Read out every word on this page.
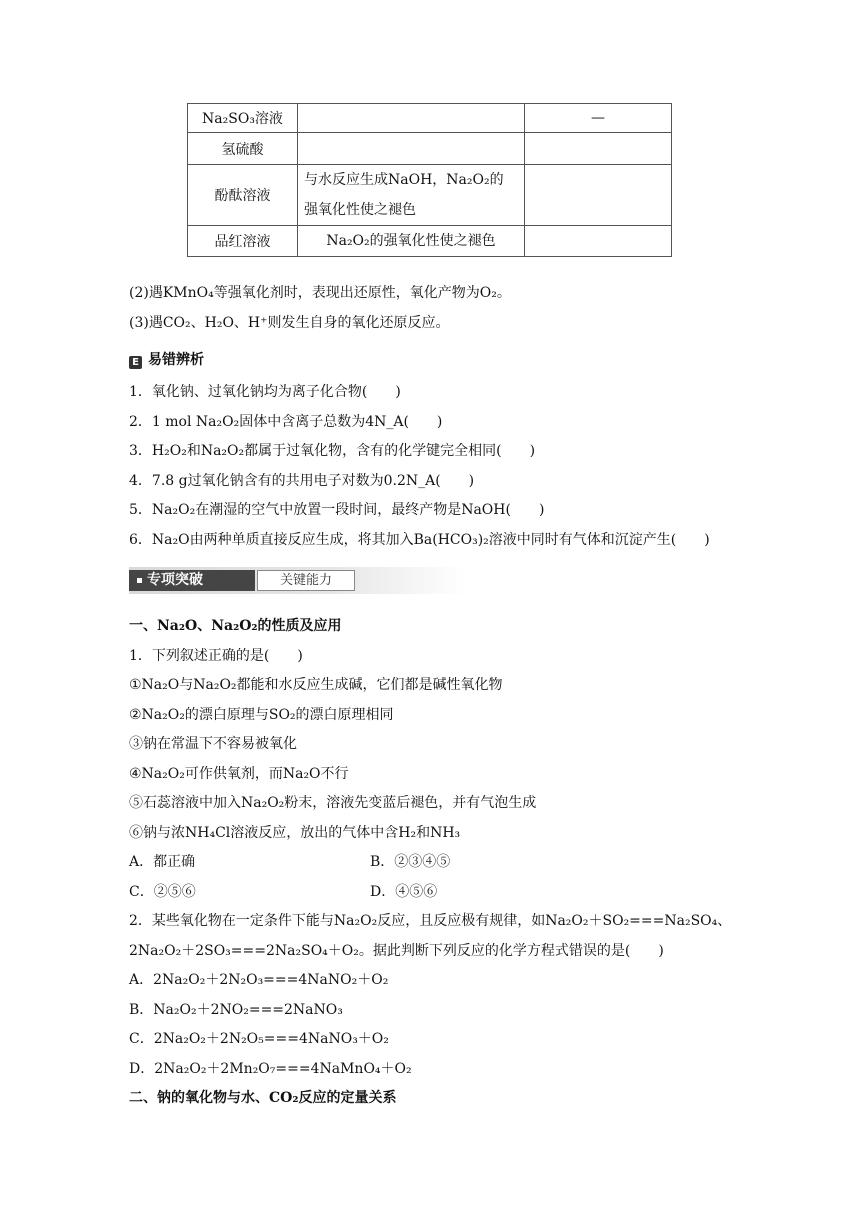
Na₂SO₃溶液		—
氢硫酸		
酚酞溶液	与水反应生成NaOH，Na₂O₂的
强氧化性使之褪色	

品红溶液	Na₂O₂的强氧化性使之褪色	
(2)遇KMnO₄等强氧化剂时，表现出还原性，氧化产物为O₂。
(3)遇CO₂、H₂O、H⁺则发生自身的氧化还原反应。
E 易错辨析
1．氧化钠、过氧化钠均为离子化合物(　　)
2．1 mol Na₂O₂固体中含离子总数为4N_A(　　)
3．H₂O₂和Na₂O₂都属于过氧化物，含有的化学键完全相同(　　)
4．7.8 g过氧化钠含有的共用电子对数为0.2N_A(　　)
5．Na₂O₂在潮湿的空气中放置一段时间，最终产物是NaOH(　　)
6．Na₂O由两种单质直接反应生成，将其加入Ba(HCO₃)₂溶液中同时有气体和沉淀产生(　　)
专项突破	关键能力
一、Na₂O、Na₂O₂的性质及应用
1．下列叙述正确的是(　　)
①Na₂O与Na₂O₂都能和水反应生成碱，它们都是碱性氧化物
②Na₂O₂的漂白原理与SO₂的漂白原理相同
③钠在常温下不容易被氧化
④Na₂O₂可作供氧剂，而Na₂O不行
⑤石蕊溶液中加入Na₂O₂粉末，溶液先变蓝后褪色，并有气泡生成
⑥钠与浓NH₄Cl溶液反应，放出的气体中含H₂和NH₃
A．都正确	B．②③④⑤
C．②⑤⑥	D．④⑤⑥
2．某些氧化物在一定条件下能与Na₂O₂反应，且反应极有规律，如Na₂O₂＋SO₂===Na₂SO₄、
2Na₂O₂＋2SO₃===2Na₂SO₄＋O₂。据此判断下列反应的化学方程式错误的是(　　)
A．2Na₂O₂＋2N₂O₃===4NaNO₂＋O₂
B．Na₂O₂＋2NO₂===2NaNO₃
C．2Na₂O₂＋2N₂O₅===4NaNO₃＋O₂
D．2Na₂O₂＋2Mn₂O₇===4NaMnO₄＋O₂
二、钠的氧化物与水、CO₂反应的定量关系
